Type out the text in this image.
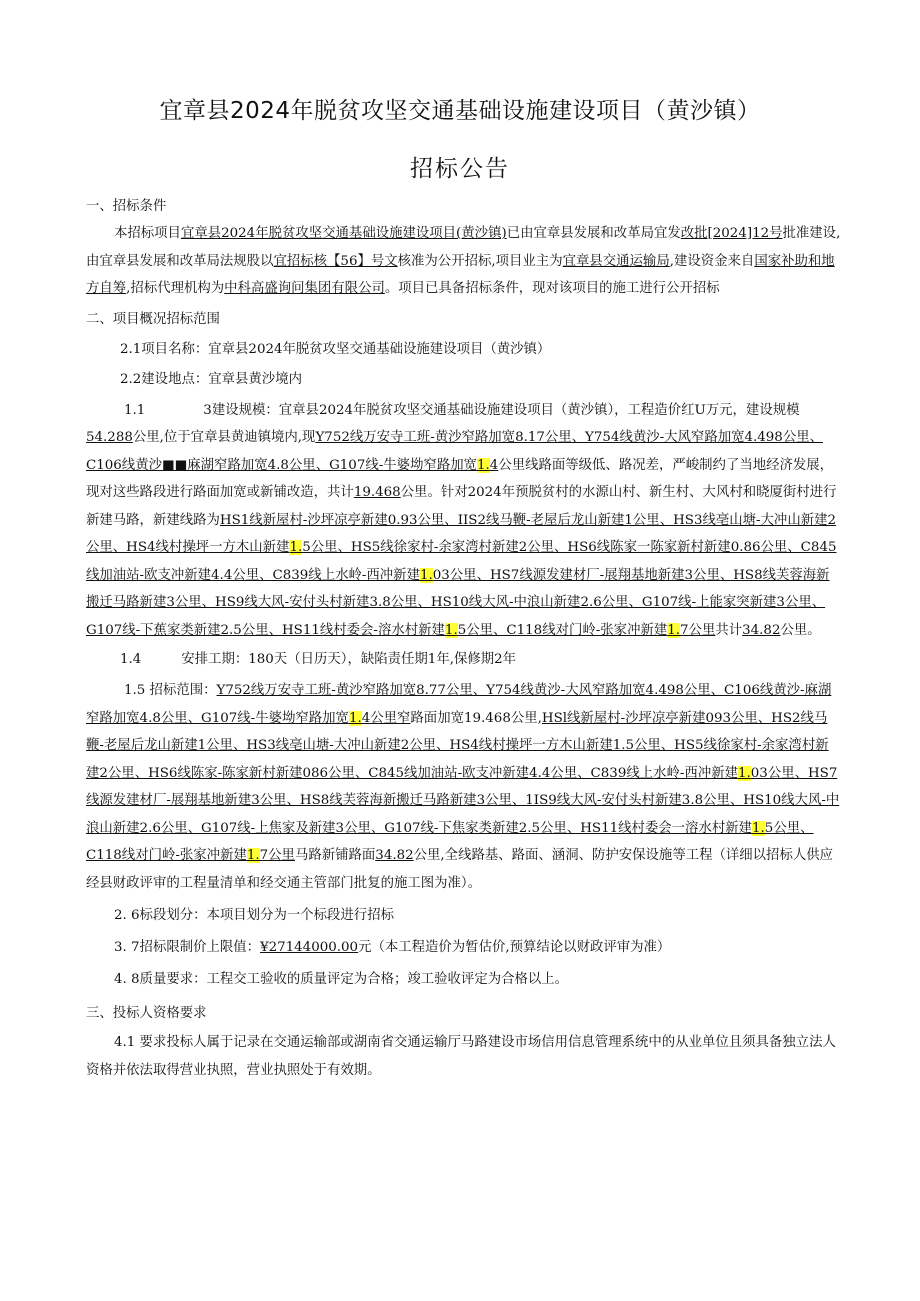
宜章县2024年脱贫攻坚交通基础设施建设项目（黄沙镇）
招标公告
一、招标条件

本招标项目宜章县2024年脱贫攻坚交通基础设施建设项目(黄沙镇)已由宜章县发展和改革局宜发改批[2024]12号批准建设,由宜章县发展和改革局法规股以宜招标核【56】号文核准为公开招标,项目业主为宜章县交通运输局,建设资金来自国家补助和地方自筹,招标代理机构为中科高盛询问集团有限公司。项目已具备招标条件，现对该项目的施工进行公开招标

二、项目概况招标范围
2.1项目名称：宜章县2024年脱贫攻坚交通基础设施建设项目（黄沙镇）
2.2建设地点：宜章县黄沙境内

1.1	3建设规模：宜章县2024年脱贫攻坚交通基础设施建设项目（黄沙镇），工程造价红U万元，建设规模54.288公里,位于宜章县黄迪镇境内,现Y752线万安寺工班-黄沙窄路加宽8.17公里、Y754线黄沙-大风窄路加宽4.498公里、C106线黄沙■■麻湖窄路加宽4.8公里、G107线-牛婆坳窄路加宽1.4公里线路面等级低、路况差，严峻制约了当地经济发展，现对这些路段进行路面加宽或新铺改造，共计19.468公里。针对2024年预脱贫村的水源山村、新生村、大风村和晓厦街村进行新建马路，新建线路为HS1线新屋村-沙坪凉亭新建0.93公里、IIS2线马鞭-老屋后龙山新建1公里、HS3线亳山塘-大冲山新建2公里、HS4线村操坪一方木山新建1.5公里、HS5线徐家村-余家湾村新建2公里、HS6线陈家一陈家新村新建0.86公里、C845线加油站-欧支冲新建4.4公里、C839线上水岭-西冲新建1.03公里、HS7线源发建材厂-展翔基地新建3公里、HS8线芙蓉海新搬迁马路新建3公里、HS9线大风-安付头村新建3.8公里、HS10线大风-中浪山新建2.6公里、G107线-上能家突新建3公里、G107线-下蕉家类新建2.5公里、HS11线村委会-溶水村新建1.5公里、C118线对门岭-张家冲新建1.7公里共计34.82公里。

1.4	安排工期：180天（日历天），缺陷责任期1年,保修期2年

1.5 招标范围：Y752线万安寺工班-黄沙窄路加宽8.77公里、Y754线黄沙-大风窄路加宽4.498公里、C106线黄沙-麻湖窄路加宽4.8公里、G107线-牛婆坳窄路加宽1.4公里窄路面加宽19.468公里,HSl线新屋村-沙坪凉亭新建093公里、HS2线马鞭-老屋后龙山新建1公里、HS3线亳山塘-大冲山新建2公里、HS4线村操坪一方木山新建1.5公里、HS5线徐家村-余家湾村新建2公里、HS6线陈家-陈家新村新建086公里、C845线加油站-欧支冲新建4.4公里、C839线上水岭-西冲新建1.03公里、HS7线源发建材厂-展翔基地新建3公里、HS8线芙蓉海新搬迁马路新建3公里、1IS9线大风-安付头村新建3.8公里、HS10线大风-中浪山新建2.6公里、G107线-上焦家及新建3公里、G107线-下焦家类新建2.5公里、HS11线村委会一溶水村新建1.5公里、C118线对门岭-张家冲新建1.7公里马路新铺路面34.82公里,全线路基、路面、涵洞、防护安保设施等工程（详细以招标人供应经县财政评审的工程量清单和经交通主管部门批复的施工图为准）。

2. 6标段划分：本项目划分为一个标段进行招标
3. 7招标限制价上限值：¥27144000.00元（本工程造价为暂估价,预算结论以财政评审为准）
4. 8质量要求：工程交工验收的质量评定为合格；竣工验收评定为合格以上。
三、投标人资格要求

4.1 要求投标人属于记录在交通运输部或湖南省交通运输厅马路建设市场信用信息管理系统中的从业单位且须具备独立法人资格并依法取得营业执照，营业执照处于有效期。
